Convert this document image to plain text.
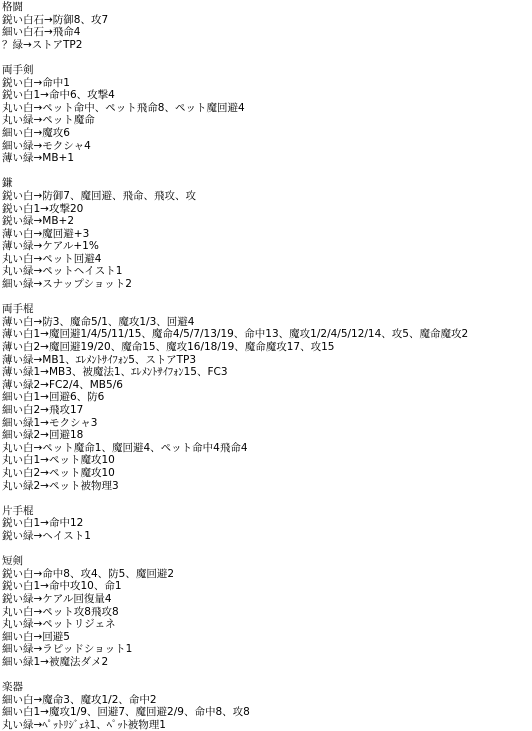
格闘
鋭い白石→防御8、攻7
細い白石→飛命4
？緑→ストアTP2
両手剣
鋭い白→命中1
鋭い白1→命中6、攻撃4
丸い白→ペット命中、ペット飛命8、ペット魔回避4
丸い緑→ペット魔命
細い白→魔攻6
細い緑→モクシャ4
薄い緑→MB+1
鎌
鋭い白→防御7、魔回避、飛命、飛攻、攻
鋭い白1→攻撃20
鋭い緑→MB+2
薄い白→魔回避+3
薄い緑→ケアル+1%
丸い白→ペット回避4
丸い緑→ペットヘイスト1
細い緑→スナップショット2
両手棍
薄い白→防3、魔命5/1、魔攻1/3、回避4
薄い白1→魔回避1/4/5/11/15、魔命4/5/7/13/19、命中13、魔攻1/2/4/5/12/14、攻5、魔命魔攻2
薄い白2→魔回避19/20、魔命15、魔攻16/18/19、魔命魔攻17、攻15
薄い緑→MB1、ｴﾚﾒﾝﾄｻｲﾌｫﾝ5、ストアTP3
薄い緑1→MB3、被魔法1、ｴﾚﾒﾝﾄｻｲﾌｫﾝ15、FC3
薄い緑2→FC2/4、MB5/6
細い白1→回避6、防6
細い白2→飛攻17
細い緑1→モクシャ3
細い緑2→回避18
丸い白→ペット魔命1、魔回避4、ペット命中4飛命4
丸い白1→ペット魔攻10
丸い白2→ペット魔攻10
丸い緑2→ペット被物理3
片手棍
鋭い白1→命中12
鋭い緑→ヘイスト1
短剣
鋭い白→命中8、攻4、防5、魔回避2
鋭い白1→命中攻10、命1
鋭い緑→ケアル回復量4
丸い白→ペット攻8飛攻8
丸い緑→ペットリジェネ
細い白→回避5
細い緑→ラピッドショット1
細い緑1→被魔法ダメ2
楽器
細い白→魔命3、魔攻1/2、命中2
細い白1→魔攻1/9、回避7、魔回避2/9、命中8、攻8
丸い緑→ﾍﾟｯﾄﾘｼﾞｪﾈ1、ﾍﾟｯﾄ被物理1
